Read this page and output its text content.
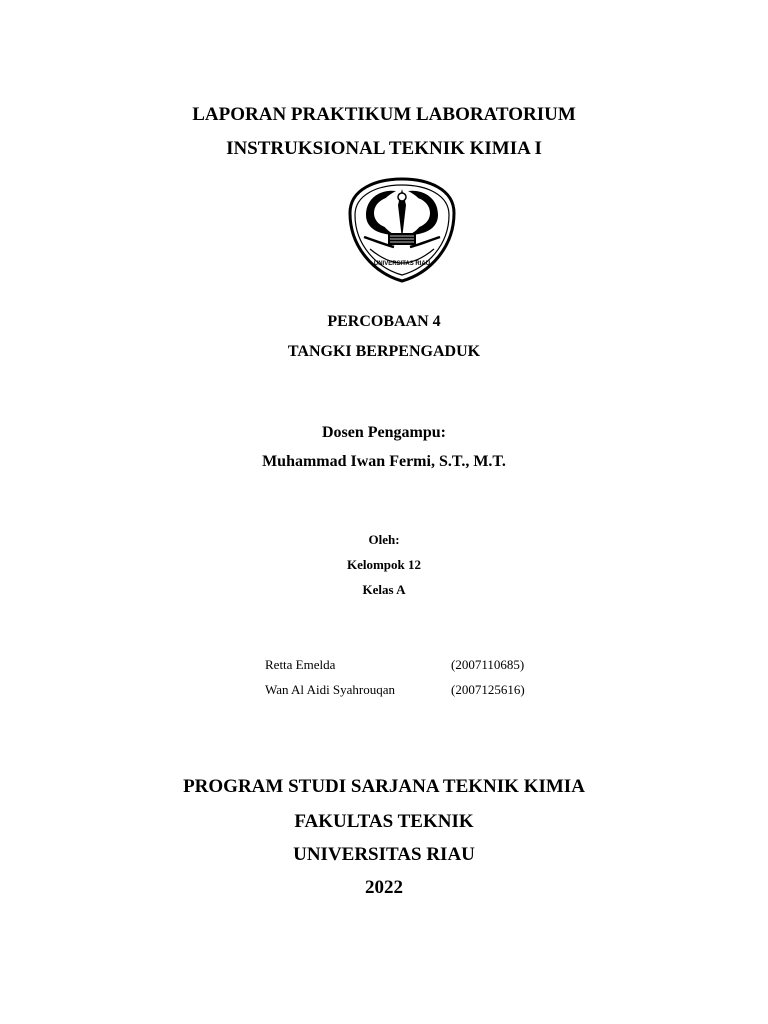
LAPORAN PRAKTIKUM LABORATORIUM
INSTRUKSIONAL TEKNIK KIMIA I
UNIVERSITAS RIAU
PERCOBAAN 4
TANGKI BERPENGADUK
Dosen Pengampu:
Muhammad Iwan Fermi, S.T., M.T.
Oleh:
Kelompok 12
Kelas A
Retta Emelda	(2007110685)
Wan Al Aidi Syahrouqan	(2007125616)
PROGRAM STUDI SARJANA TEKNIK KIMIA
FAKULTAS TEKNIK
UNIVERSITAS RIAU
2022
